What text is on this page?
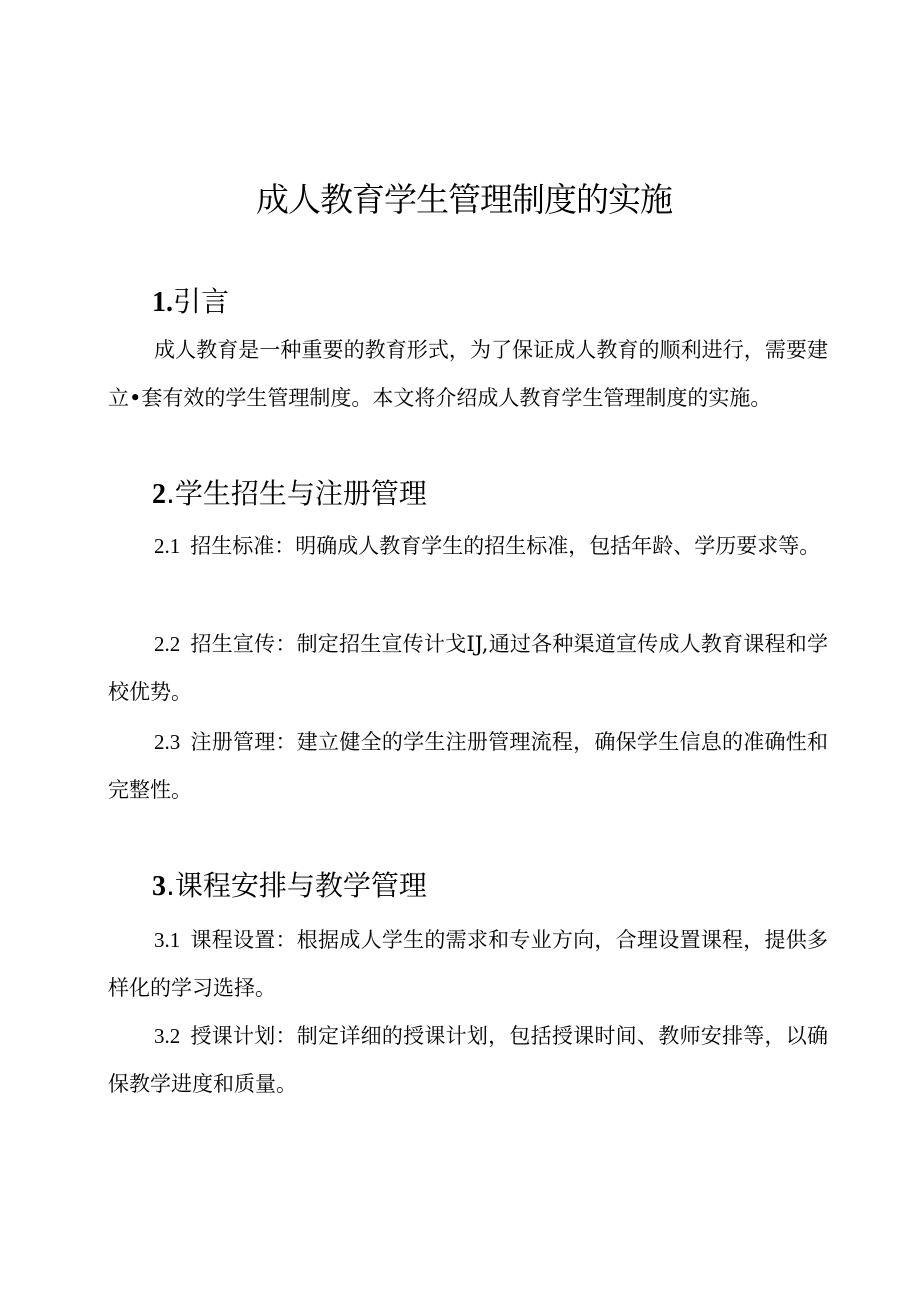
成人教育学生管理制度的实施
1.引言

成人教育是一种重要的教育形式，为了保证成人教育的顺利进行，需要建立•套有效的学生管理制度。本文将介绍成人教育学生管理制度的实施。

2.学生招生与注册管理

2.1 招生标准：明确成人教育学生的招生标准，包括年龄、学历要求等。

2.2 招生宣传：制定招生宣传计戈IJ,通过各种渠道宣传成人教育课程和学校优势。

2.3 注册管理：建立健全的学生注册管理流程，确保学生信息的准确性和完整性。

3.课程安排与教学管理

3.1 课程设置：根据成人学生的需求和专业方向，合理设置课程，提供多样化的学习选择。

3.2 授课计划：制定详细的授课计划，包括授课时间、教师安排等，以确保教学进度和质量。
